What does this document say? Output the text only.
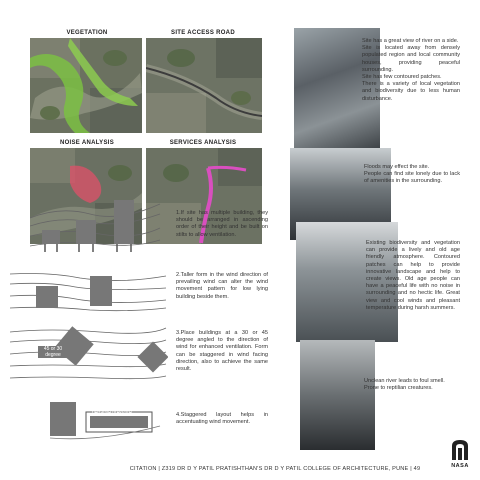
VEGETATION	SITE ACCESS ROAD
NOISE ANALYSIS	SERVICES ANALYSIS
Site has a great view of river on a side.
Site is located away from densely populated region and local community houses, providing peaceful surrounding.
Site has few contoured patches.
There is a variety of local vegetation and biodiversity due to less human disturbance.
Floods may effect the site.
People can find site lonely due to lack of amenities in the surrounding.
Existing biodiversity and vegetation can provide a lively and old age friendly atmosphere. Contoured patches can help to provide innovative landscape and help to create views. Old age people can have a peaceful life with no noise in surrounding and no hectic life. Great view and cool winds and pleasant temperature during harsh summers.
Unclean river leads to foul smell.
Prone to reptilian creatures.
45 or 30 degree
negative pressure
1.If site has multiple building, they should be arranged in ascending order of their height and be built on stilts to allow ventilation.
2.Taller form in the wind direction of prevailing wind can alter the wind movement pattern for low lying building beside them.
3.Place buildings at a 30 or 45 degree angled to the direction of wind for enhanced ventilation. Form can be staggered in wind facing direction, also to achieve the same result.
4.Staggered layout helps in accentuating wind movement.
CITATION | Z319 DR D Y PATIL PRATISHTHAN'S DR D Y PATIL COLLEGE OF ARCHITECTURE, PUNE | 49	NASA
